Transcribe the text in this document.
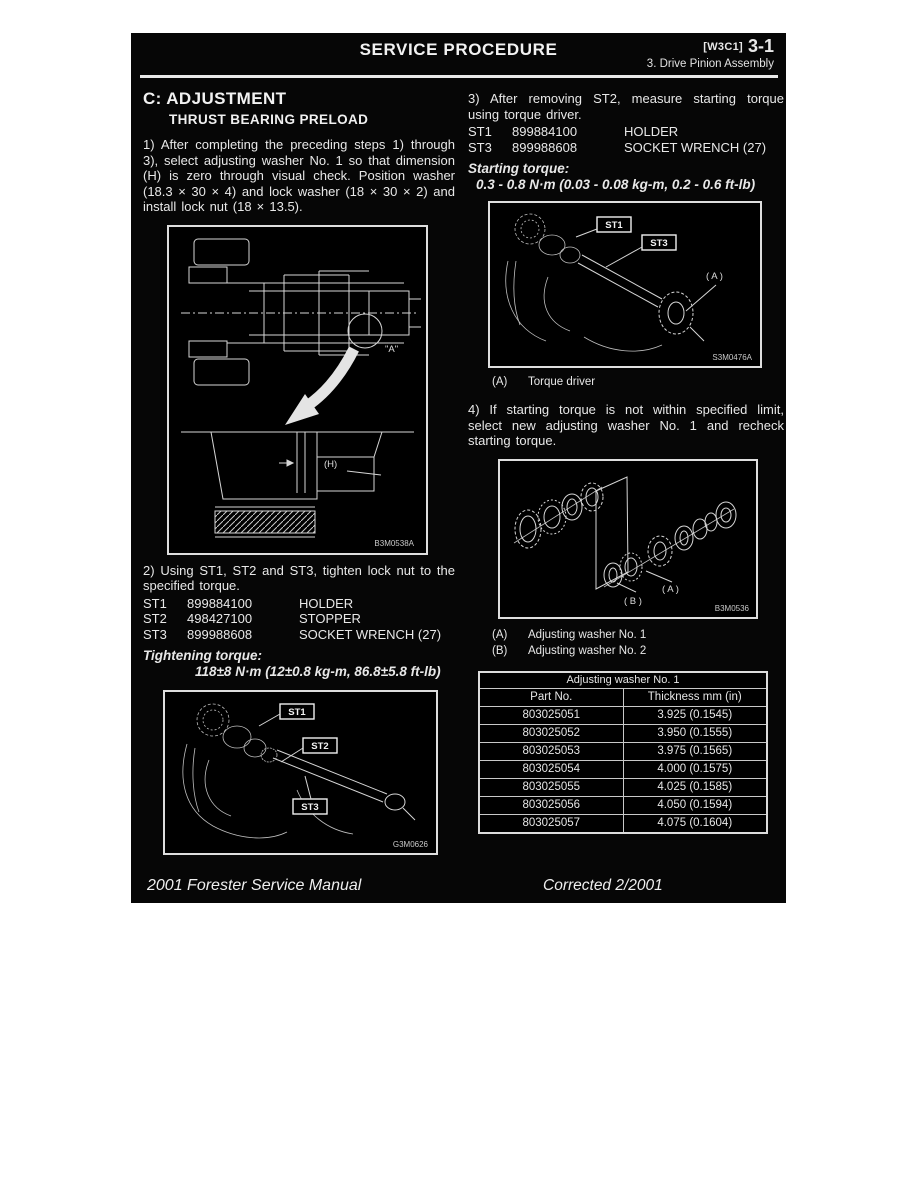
SERVICE PROCEDURE	[W3C1] 3-1
3. Drive Pinion Assembly
C: ADJUSTMENT
THRUST BEARING PRELOAD

1) After completing the preceding steps 1) through 3), select adjusting washer No. 1 so that dimension (H) is zero through visual check. Position washer (18.3 × 30 × 4) and lock washer (18 × 30 × 2) and install lock nut (18 × 13.5).

"A"
(H)
B3M0538A

2) Using ST1, ST2 and ST3, tighten lock nut to the specified torque.

ST1	899884100	HOLDER
ST2	498427100	STOPPER
ST3	899988608	SOCKET WRENCH (27)
Tightening torque:
118±8 N·m (12±0.8 kg-m, 86.8±5.8 ft-lb)
ST1
ST2
ST3
G3M0626

3) After removing ST2, measure starting torque using torque driver.

ST1	899884100	HOLDER
ST3	899988608	SOCKET WRENCH (27)
Starting torque:
0.3 - 0.8 N·m (0.03 - 0.08 kg-m, 0.2 - 0.6 ft-lb)
ST1
ST3
( A )
S3M0476A
(A)	Torque driver

4) If starting torque is not within specified limit, select new adjusting washer No. 1 and recheck starting torque.

( B )
( A )
B3M0536
(A)	Adjusting washer No. 1
(B)	Adjusting washer No. 2
Adjusting washer No. 1	
Part No.	Thickness mm (in)
803025051	3.925 (0.1545)
803025052	3.950 (0.1555)
803025053	3.975 (0.1565)
803025054	4.000 (0.1575)
803025055	4.025 (0.1585)
803025056	4.050 (0.1594)
803025057	4.075 (0.1604)
2001 Forester Service Manual	Corrected 2/2001
